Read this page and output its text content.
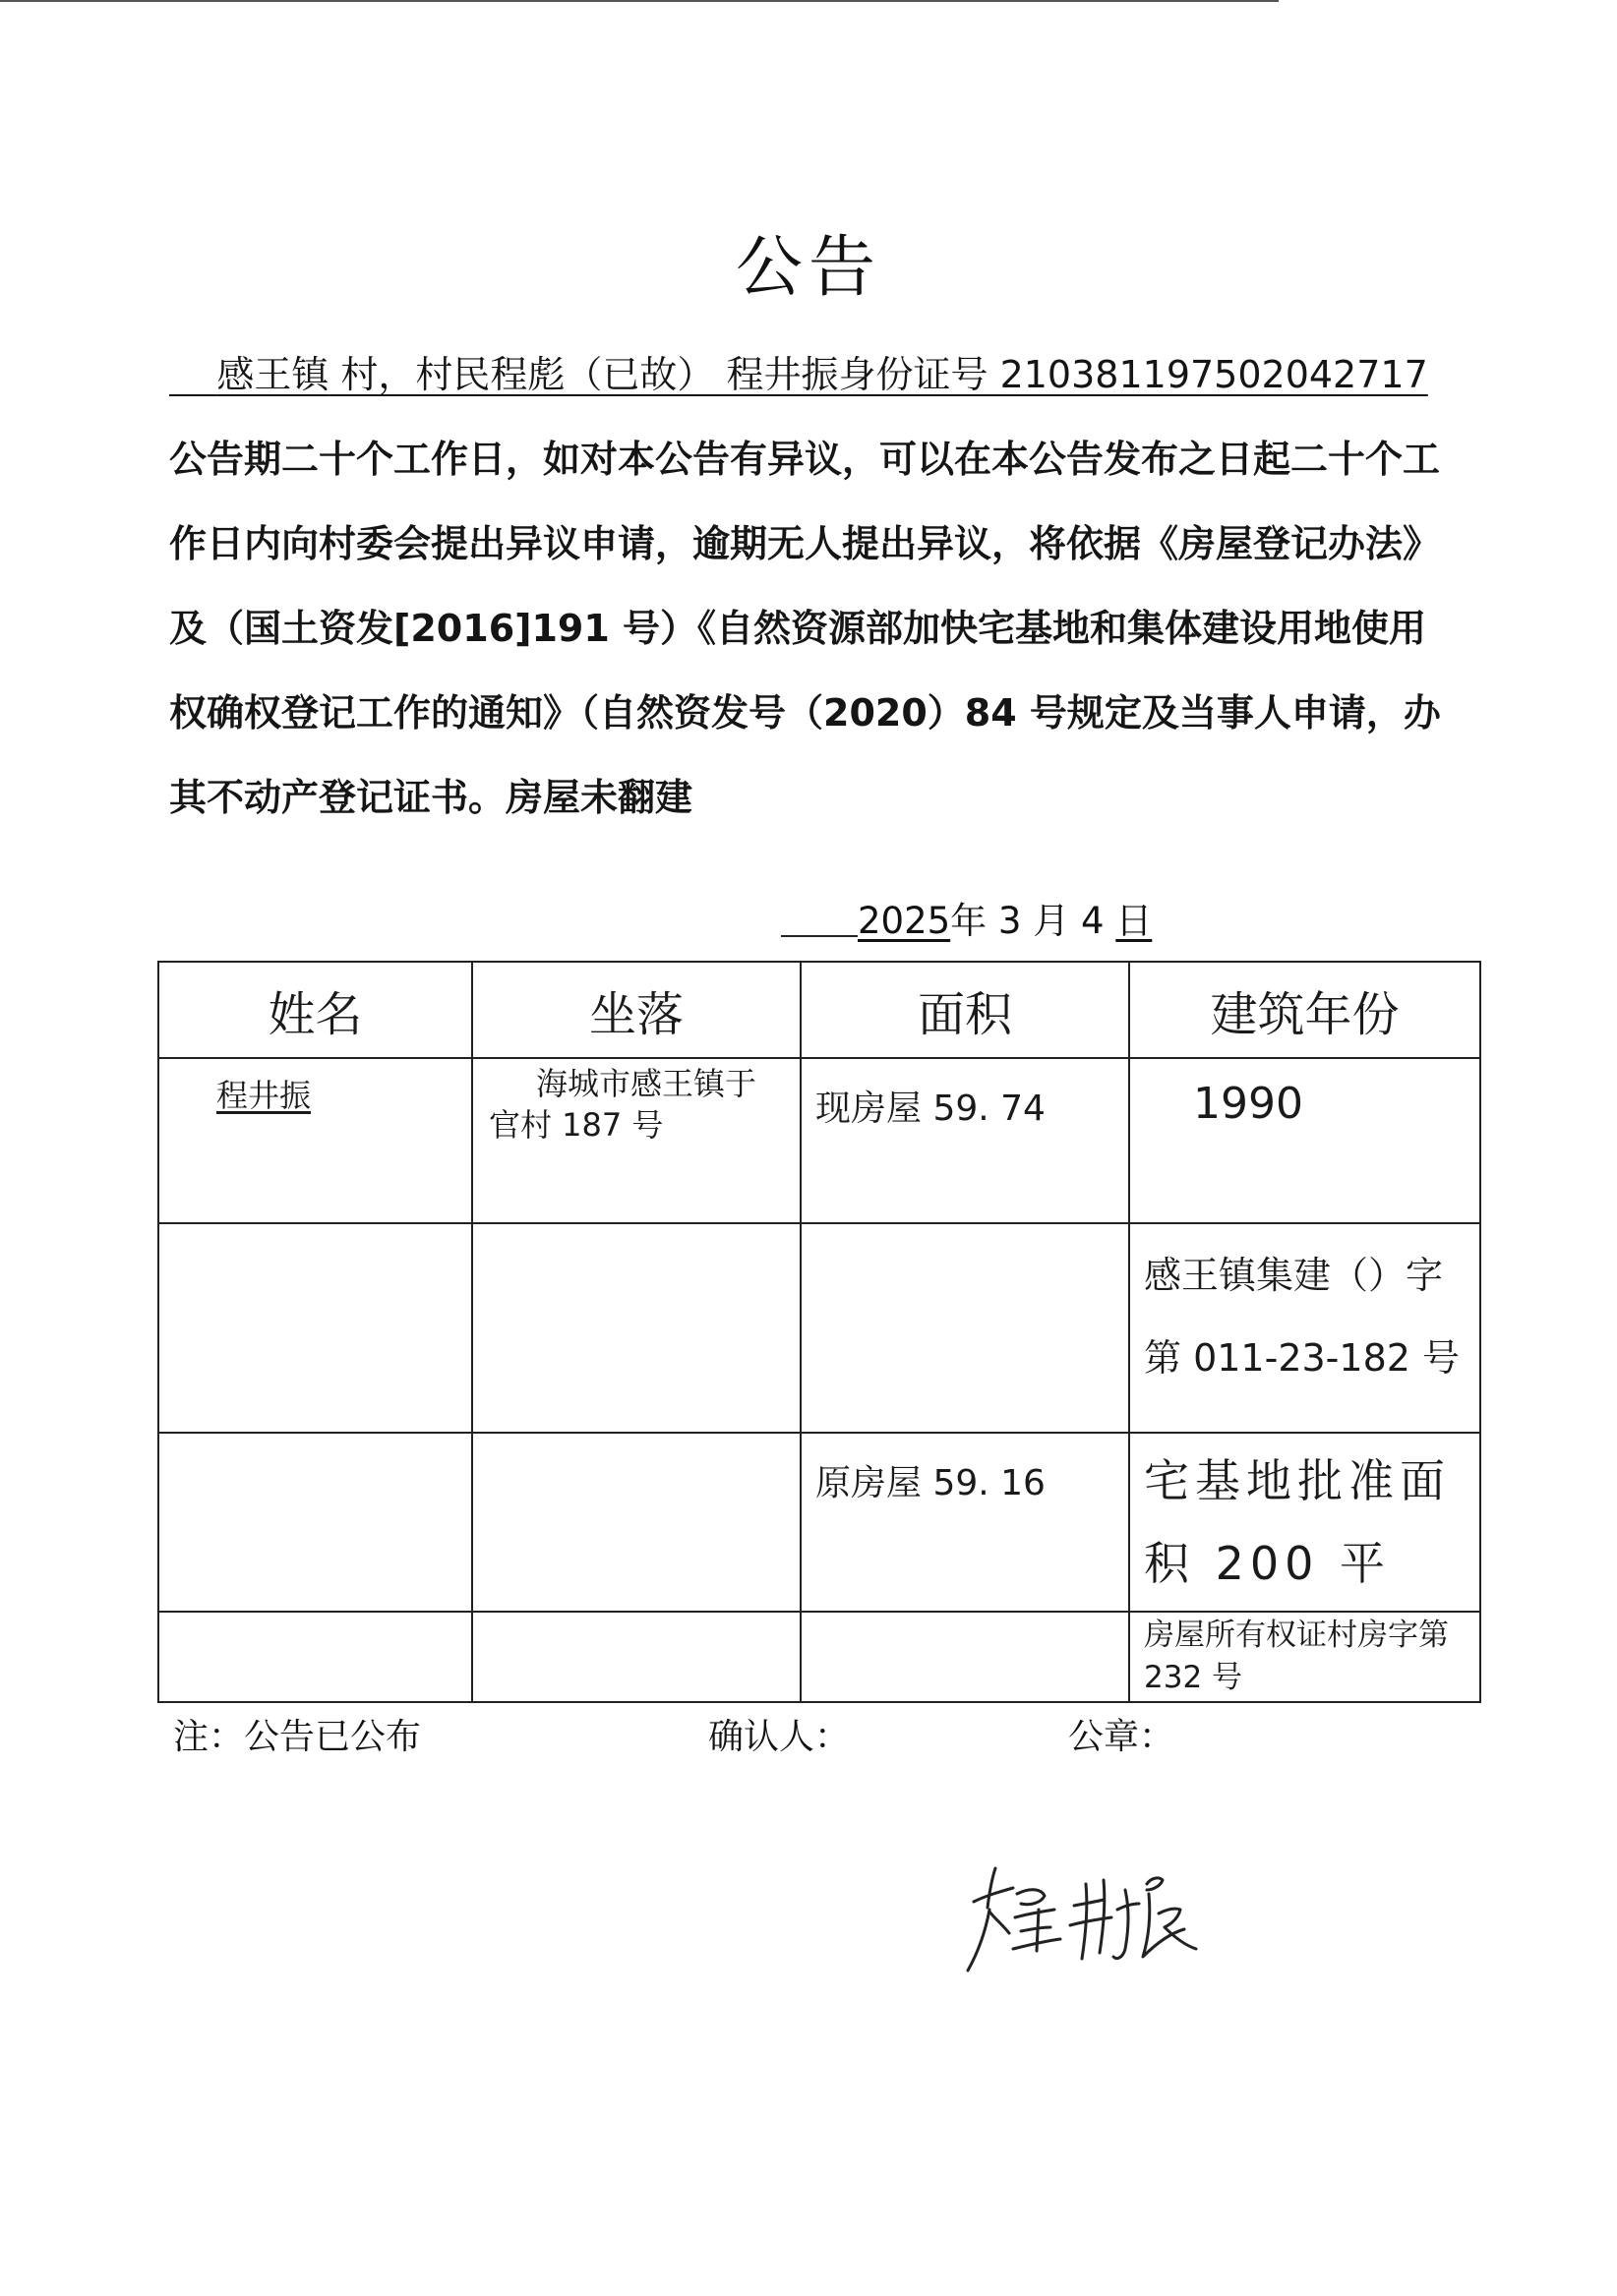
公告
感王镇 村，村民程彪（已故） 程井振身份证号 210381197502042717公告期二十个工作日，如对本公告有异议，可以在本公告发布之日起二十个工作日内向村委会提出异议申请，逾期无人提出异议，将依据《房屋登记办法》及（国土资发[2016]191 号）《自然资源部加快宅基地和集体建设用地使用权确权登记工作的通知》（自然资发号（2020）84 号规定及当事人申请，办其不动产登记证书。房屋未翻建
2025年 3 月 4 日
姓名	坐落	面积	建筑年份

程井振	海城市感王镇于官村 187 号	现房屋 59. 74	1990

			感王镇集建（）字
第 011-23-182 号

		原房屋 59. 16	宅基地批准面积 200 平

			房屋所有权证村房字第 232 号
注：公告已公布	确认人：	公章：
